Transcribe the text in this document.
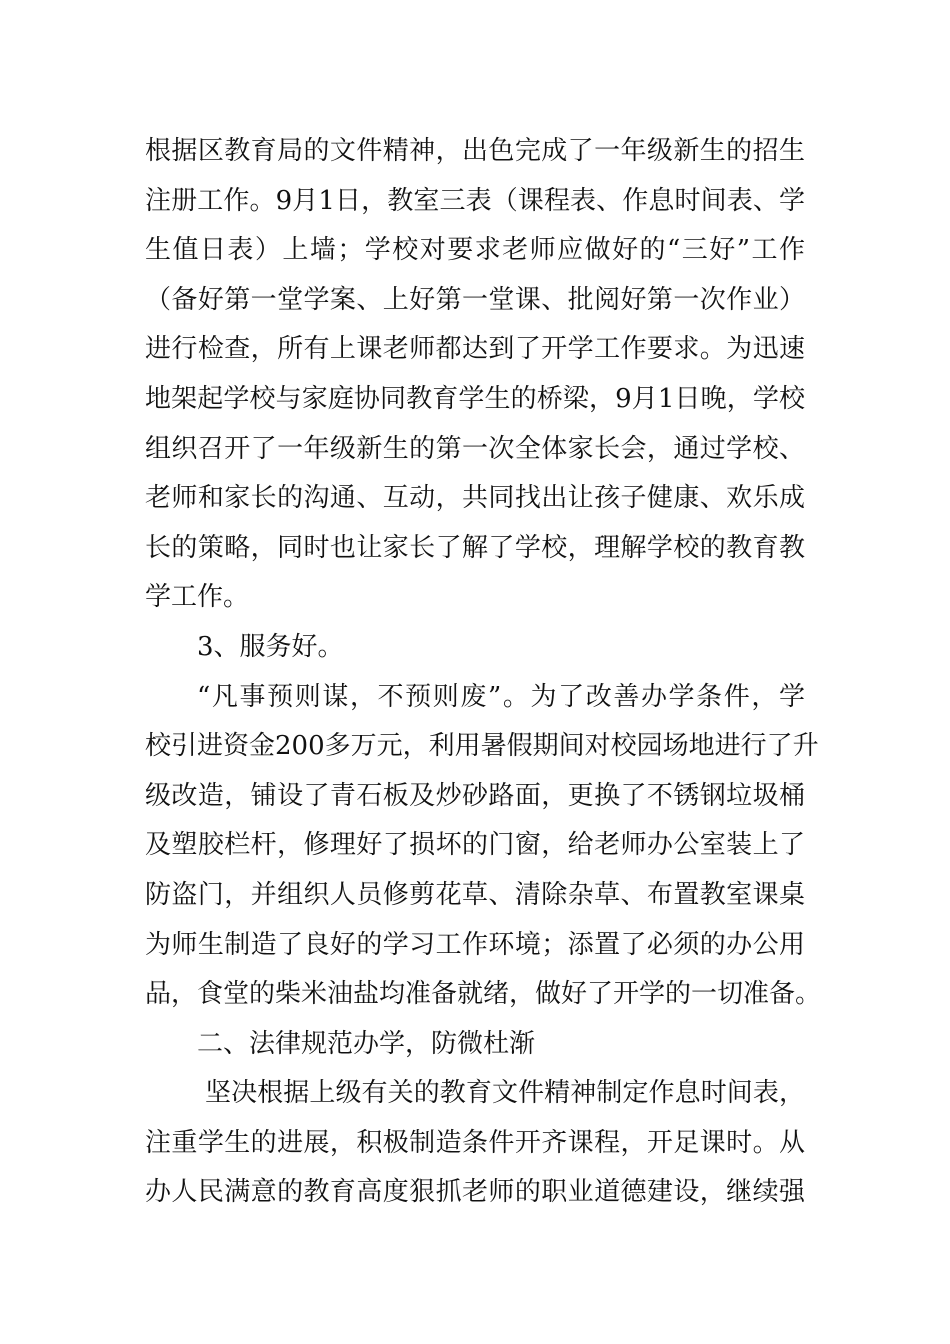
根据区教育局的文件精神，出色完成了一年级新生的招生
注册工作。9月1日，教室三表（课程表、作息时间表、学
生值日表）上墙；学校对要求老师应做好的“三好”工作
（备好第一堂学案、上好第一堂课、批阅好第一次作业）
进行检查，所有上课老师都达到了开学工作要求。为迅速
地架起学校与家庭协同教育学生的桥梁，9月1日晚，学校
组织召开了一年级新生的第一次全体家长会，通过学校、
老师和家长的沟通、互动，共同找出让孩子健康、欢乐成
长的策略，同时也让家长了解了学校，理解学校的教育教
学工作。
3、服务好。
“凡事预则谋，不预则废”。为了改善办学条件，学
校引进资金200多万元，利用暑假期间对校园场地进行了升
级改造，铺设了青石板及炒砂路面，更换了不锈钢垃圾桶
及塑胶栏杆，修理好了损坏的门窗，给老师办公室装上了
防盗门，并组织人员修剪花草、清除杂草、布置教室课桌
为师生制造了良好的学习工作环境；添置了必须的办公用
品，食堂的柴米油盐均准备就绪，做好了开学的一切准备。
二、法律规范办学，防微杜渐
坚决根据上级有关的教育文件精神制定作息时间表，
注重学生的进展，积极制造条件开齐课程，开足课时。从
办人民满意的教育高度狠抓老师的职业道德建设，继续强
